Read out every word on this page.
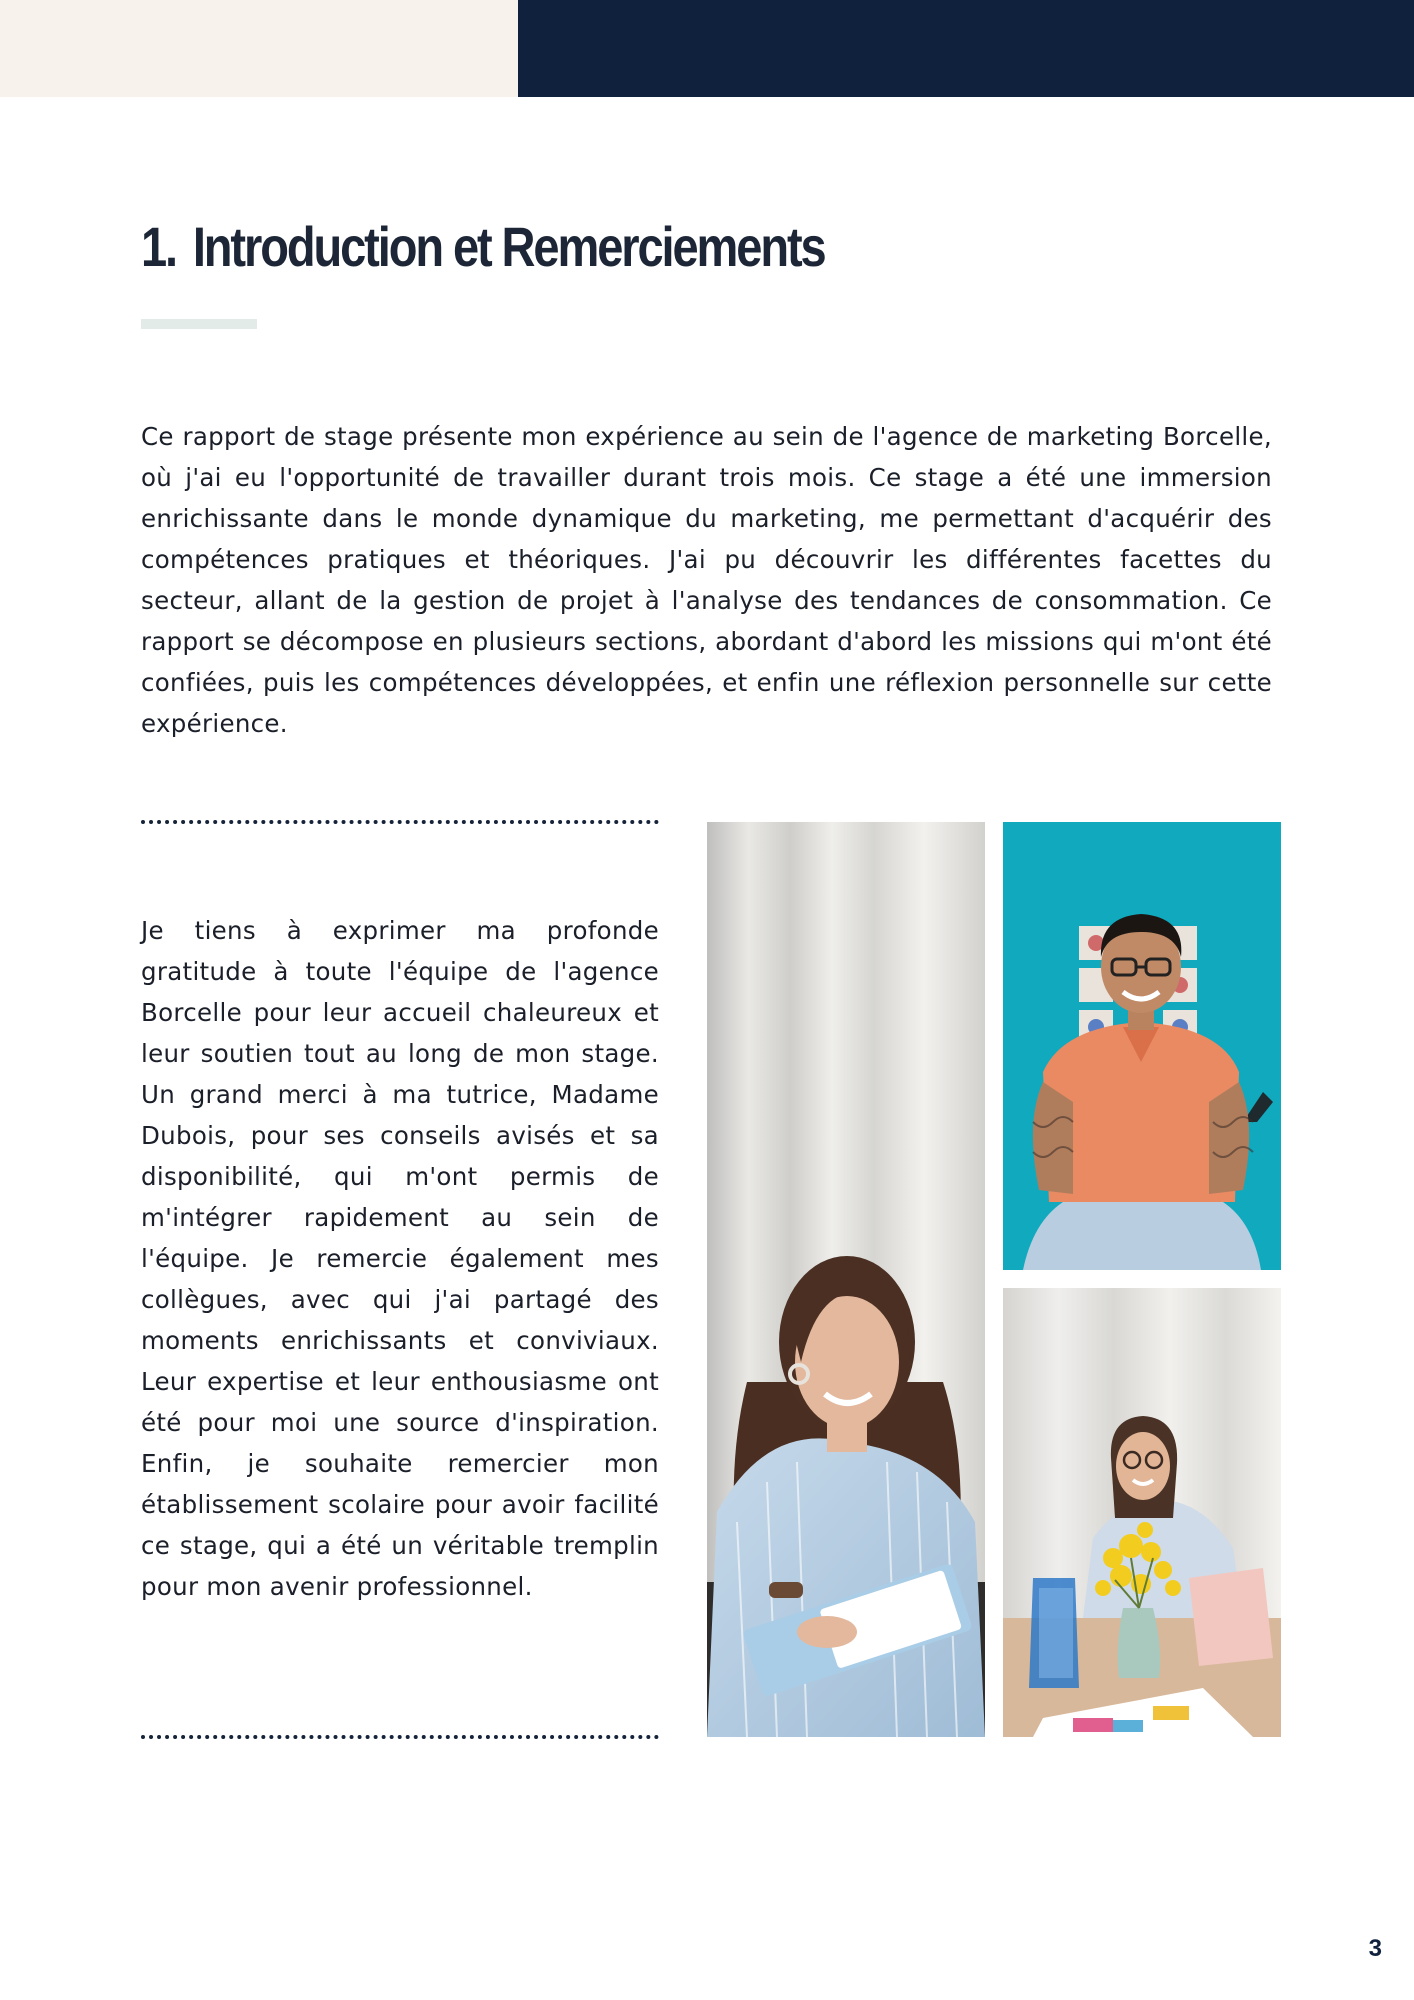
1. Introduction et Remerciements

Ce rapport de stage présente mon expérience au sein de l'agence de marketing Borcelle, où j'ai eu l'opportunité de travailler durant trois mois. Ce stage a été une immersion enrichissante dans le monde dynamique du marketing, me permettant d'acquérir des compétences pratiques et théoriques. J'ai pu découvrir les différentes facettes du secteur, allant de la gestion de projet à l'analyse des tendances de consommation. Ce rapport se décompose en plusieurs sections, abordant d'abord les missions qui m'ont été confiées, puis les compétences développées, et enfin une réflexion personnelle sur cette expérience.

Je tiens à exprimer ma profonde gratitude à toute l'équipe de l'agence Borcelle pour leur accueil chaleureux et leur soutien tout au long de mon stage. Un grand merci à ma tutrice, Madame Dubois, pour ses conseils avisés et sa disponibilité, qui m'ont permis de m'intégrer rapidement au sein de l'équipe. Je remercie également mes collègues, avec qui j'ai partagé des moments enrichissants et conviviaux. Leur expertise et leur enthousiasme ont été pour moi une source d'inspiration. Enfin, je souhaite remercier mon établissement scolaire pour avoir facilité ce stage, qui a été un véritable tremplin pour mon avenir professionnel.

3
